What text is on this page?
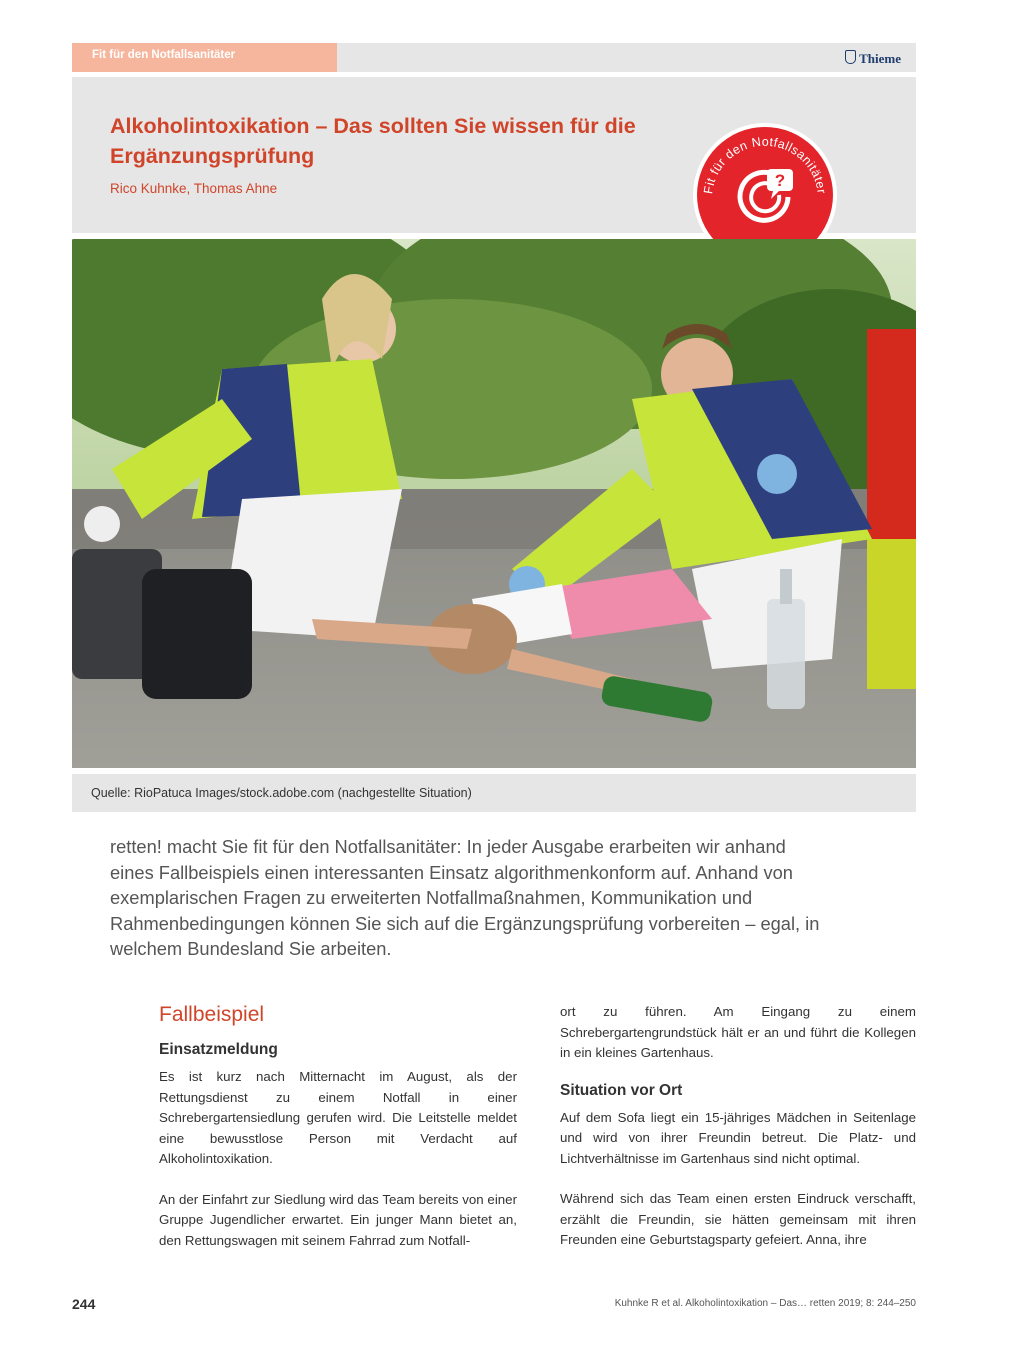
Fit für den Notfallsanitäter	Thieme
Alkoholintoxikation – Das sollten Sie wissen für die Ergänzungsprüfung
Rico Kuhnke, Thomas Ahne	Fit für den Notfallsanitäter
?
Quelle: RioPatuca Images/stock.adobe.com (nachgestellte Situation)
retten! macht Sie fit für den Notfallsanitäter: In jeder Ausgabe erarbeiten wir anhand eines Fallbeispiels einen interessanten Einsatz algorithmenkonform auf. Anhand von exemplarischen Fragen zu erweiterten Notfallmaßnahmen, Kommunikation und Rahmenbedingungen können Sie sich auf die Ergänzungsprüfung vorbereiten – egal, in welchem Bundesland Sie arbeiten.
Fallbeispiel
Einsatzmeldung

Es ist kurz nach Mitternacht im August, als der Rettungsdienst zu einem Notfall in einer Schrebergartensiedlung gerufen wird. Die Leitstelle meldet eine bewusstlose Person mit Verdacht auf Alkoholintoxikation.

An der Einfahrt zur Siedlung wird das Team bereits von einer Gruppe Jugendlicher erwartet. Ein junger Mann bietet an, den Rettungswagen mit seinem Fahrrad zum Notfall-

ort zu führen. Am Eingang zu einem Schrebergartengrundstück hält er an und führt die Kollegen in ein kleines Gartenhaus.

Situation vor Ort

Auf dem Sofa liegt ein 15-jähriges Mädchen in Seitenlage und wird von ihrer Freundin betreut. Die Platz- und Lichtverhältnisse im Gartenhaus sind nicht optimal.

Während sich das Team einen ersten Eindruck verschafft, erzählt die Freundin, sie hätten gemeinsam mit ihren Freunden eine Geburtstagsparty gefeiert. Anna, ihre

244	Kuhnke R et al. Alkoholintoxikation – Das… retten 2019; 8: 244–250
